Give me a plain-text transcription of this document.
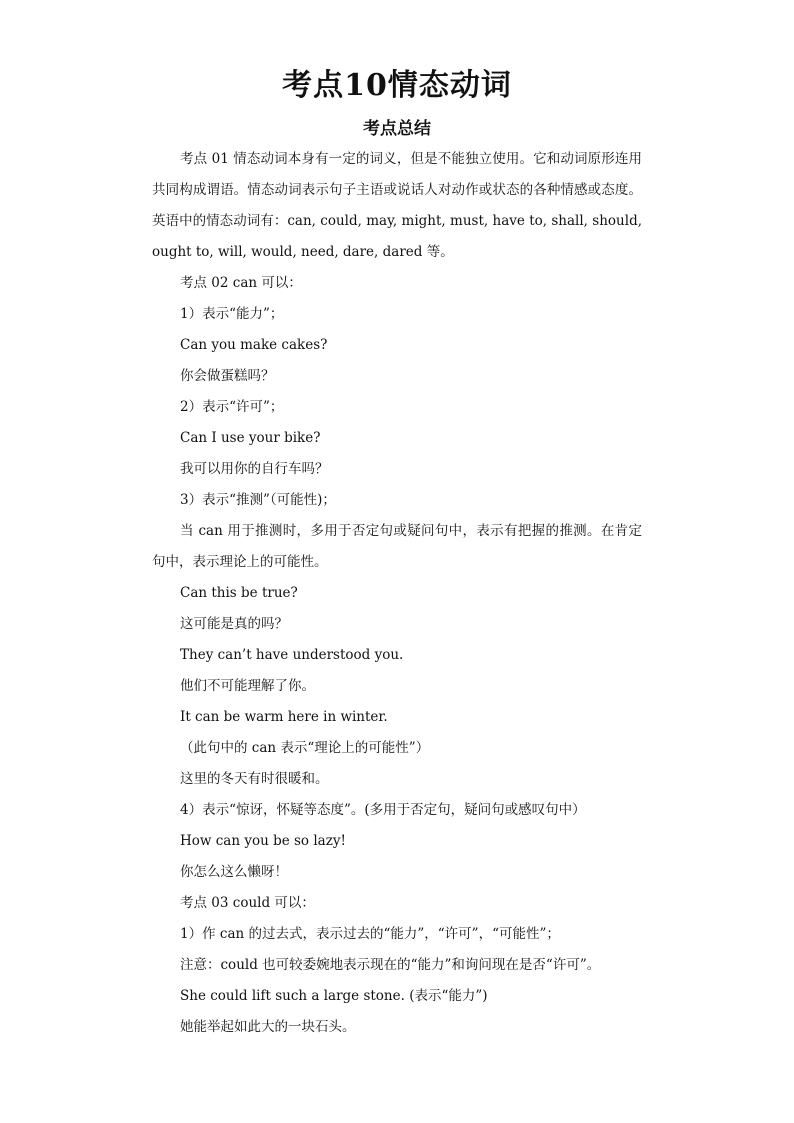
考点10情态动词
考点总结

考点 01 情态动词本身有一定的词义，但是不能独立使用。它和动词原形连用共同构成谓语。情态动词表示句子主语或说话人对动作或状态的各种情感或态度。英语中的情态动词有：can, could, may, might, must, have to, shall, should, ought to, will, would, need, dare, dared 等。

考点 02 can 可以：

1）表示“能力”；

Can you make cakes?

你会做蛋糕吗？

2）表示“许可”；

Can I use your bike?

我可以用你的自行车吗？

3）表示“推测”（可能性)；

当 can 用于推测时，多用于否定句或疑问句中，表示有把握的推测。在肯定句中，表示理论上的可能性。

Can this be true?

这可能是真的吗？

They can’t have understood you.

他们不可能理解了你。

It can be warm here in winter.

（此句中的 can 表示“理论上的可能性”）

这里的冬天有时很暖和。

4）表示“惊讶，怀疑等态度”。(多用于否定句，疑问句或感叹句中）

How can you be so lazy!

你怎么这么懒呀！

考点 03 could 可以：

1）作 can 的过去式，表示过去的“能力”，“许可”，“可能性”；

注意：could 也可较委婉地表示现在的“能力”和询问现在是否“许可”。

She could lift such a large stone. (表示“能力”)

她能举起如此大的一块石头。
